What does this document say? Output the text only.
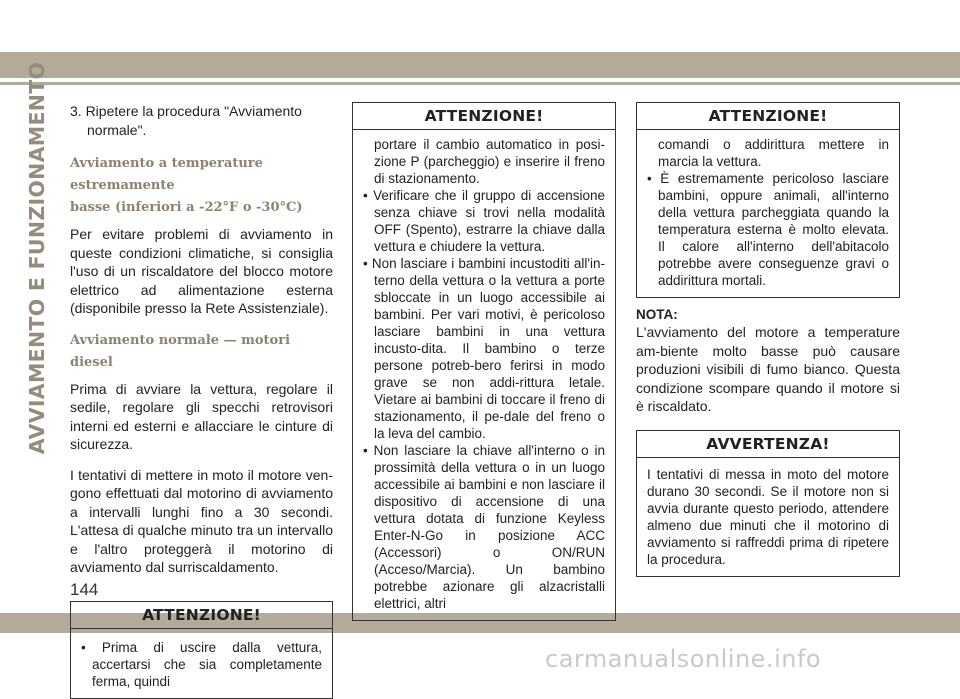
AVVIAMENTO E FUNZIONAMENTO 3. Ripetere la procedura "Avviamento
normale".

Avviamento a temperature estremamente
basse (inferiori a -22°F o -30°C)

Per evitare problemi di avviamento in queste condizioni climatiche, si consiglia l'uso di un riscaldatore del blocco motore elettrico ad alimentazione esterna (disponibile presso la Rete Assistenziale).

Avviamento normale — motori diesel

Prima di avviare la vettura, regolare il sedile, regolare gli specchi retrovisori interni ed esterni e allacciare le cinture di sicurezza.

I tentativi di mettere in moto il motore ven-gono effettuati dal motorino di avviamento a intervalli lunghi fino a 30 secondi. L'attesa di qualche minuto tra un intervallo e l'altro proteggerà il motorino di avviamento dal surriscaldamento.

ATTENZIONE!

• Prima di uscire dalla vettura, accertarsi che sia completamente ferma, quindi

ATTENZIONE!

portare il cambio automatico in posi-zione P (parcheggio) e inserire il freno di stazionamento.

• Verificare che il gruppo di accensione senza chiave si trovi nella modalità OFF (Spento), estrarre la chiave dalla vettura e chiudere la vettura.

• Non lasciare i bambini incustoditi all'in-terno della vettura o la vettura a porte sbloccate in un luogo accessibile ai bambini. Per vari motivi, è pericoloso lasciare bambini in una vettura incusto-dita. Il bambino o terze persone potreb-bero ferirsi in modo grave se non addi-rittura letale. Vietare ai bambini di toccare il freno di stazionamento, il pe-dale del freno o la leva del cambio.

• Non lasciare la chiave all'interno o in prossimità della vettura o in un luogo accessibile ai bambini e non lasciare il dispositivo di accensione di una vettura dotata di funzione Keyless Enter-N-Go in posizione ACC (Accessori) o ON/RUN (Acceso/Marcia). Un bambino potrebbe azionare gli alzacristalli elettrici, altri

ATTENZIONE!

comandi o addirittura mettere in marcia la vettura.

• È estremamente pericoloso lasciare bambini, oppure animali, all'interno della vettura parcheggiata quando la temperatura esterna è molto elevata. Il calore all'interno dell'abitacolo potrebbe avere conseguenze gravi o addirittura mortali.

NOTA:

L'avviamento del motore a temperature am-biente molto basse può causare produzioni visibili di fumo bianco. Questa condizione scompare quando il motore si è riscaldato.

AVVERTENZA!

I tentativi di messa in moto del motore durano 30 secondi. Se il motore non si avvia durante questo periodo, attendere almeno due minuti che il motorino di avviamento si raffreddi prima di ripetere la procedura.

144
carmanualsonline.info
